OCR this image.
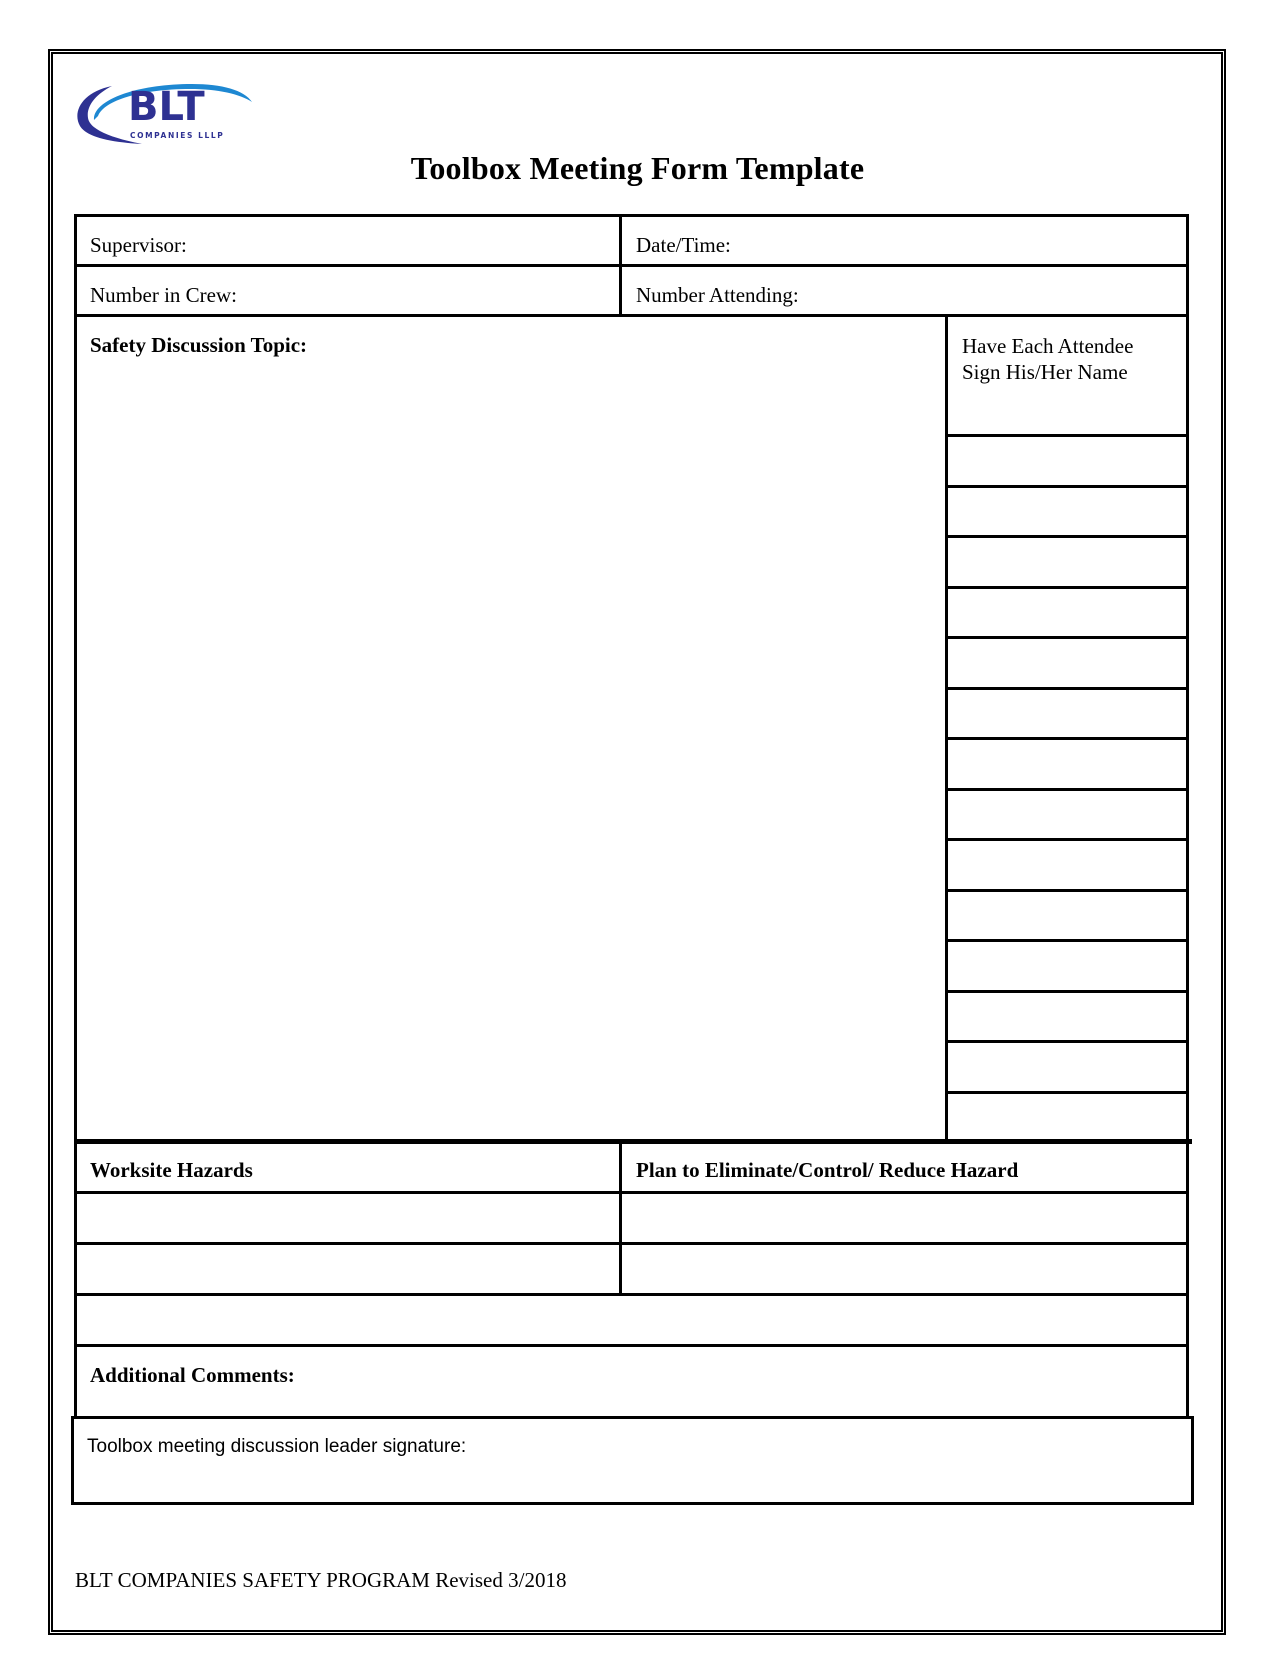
BLT
COMPANIES LLLP
Toolbox Meeting Form Template
Supervisor:	Date/Time:
Number in Crew:	Number Attending:
Safety Discussion Topic:	Have Each Attendee
Sign His/Her Name
Worksite Hazards	Plan to Eliminate/Control/ Reduce Hazard
Additional Comments:
Toolbox meeting discussion leader signature:
BLT COMPANIES SAFETY PROGRAM Revised 3/2018
